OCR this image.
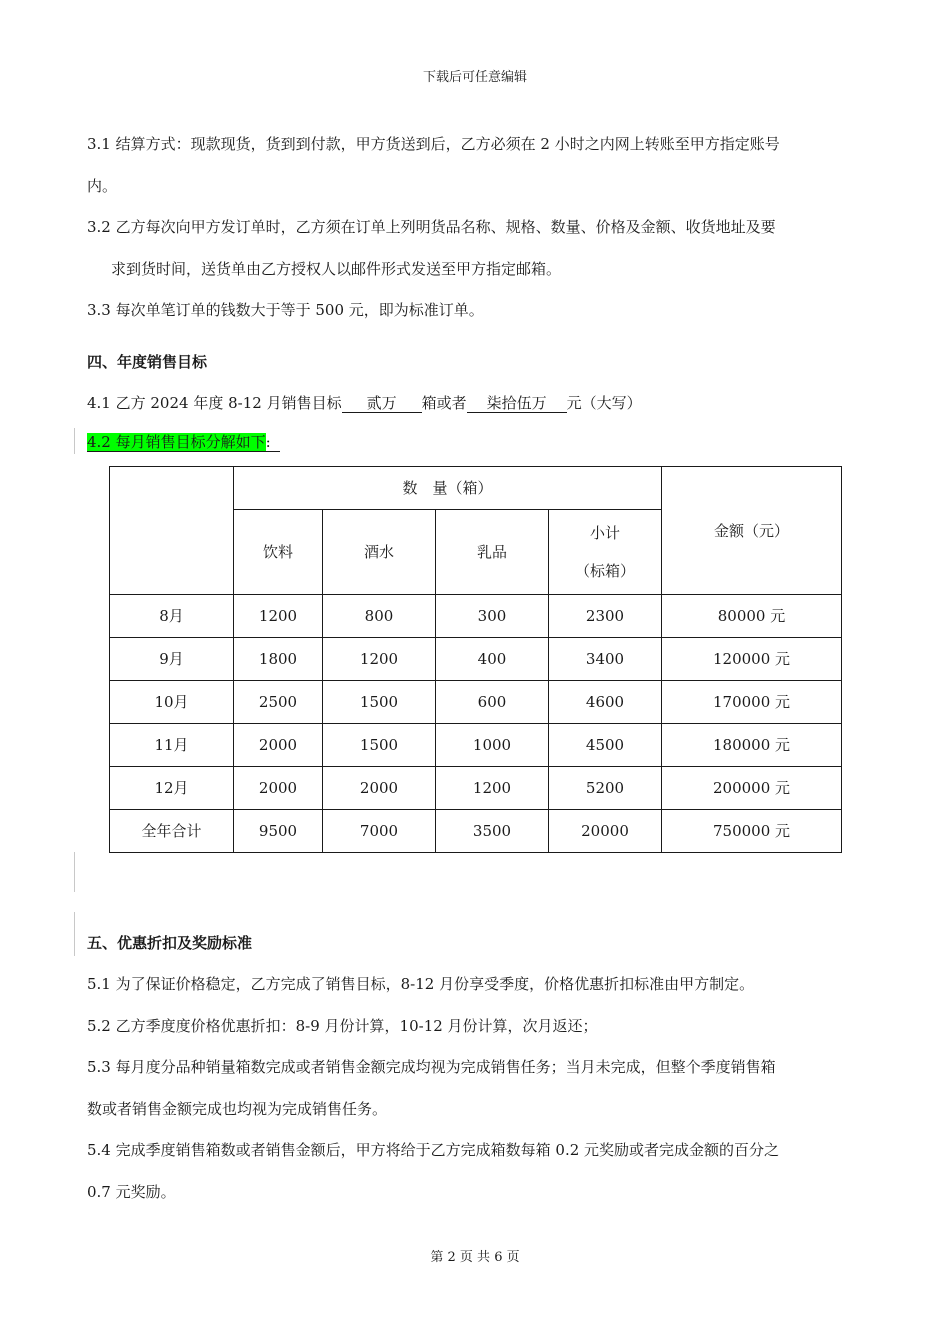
下载后可任意编辑
3.1 结算方式：现款现货，货到到付款，甲方货送到后，乙方必须在 2 小时之内网上转账至甲方指定账号
内。
3.2 乙方每次向甲方发订单时，乙方须在订单上列明货品名称、规格、数量、价格及金额、收货地址及要
求到货时间，送货单由乙方授权人以邮件形式发送至甲方指定邮箱。
3.3 每次单笔订单的钱数大于等于 500 元，即为标准订单。
四、年度销售目标
4.1 乙方 2024 年度 8-12 月销售目标 贰万 箱或者 柒拾伍万 元（大写）
4.2 每月销售目标分解如下:
	数　量（箱）				金额（元）
	饮料	酒水	乳品	小计
（标箱）	

8月	1200	800	300	2300	80000 元
9月	1800	1200	400	3400	120000 元
10月	2500	1500	600	4600	170000 元
11月	2000	1500	1000	4500	180000 元
12月	2000	2000	1200	5200	200000 元
全年合计	9500	7000	3500	20000	750000 元
五、优惠折扣及奖励标准
5.1 为了保证价格稳定，乙方完成了销售目标，8-12 月份享受季度，价格优惠折扣标准由甲方制定。
5.2 乙方季度度价格优惠折扣：8-9 月份计算，10-12 月份计算，次月返还；
5.3 每月度分品种销量箱数完成或者销售金额完成均视为完成销售任务；当月未完成，但整个季度销售箱
数或者销售金额完成也均视为完成销售任务。
5.4 完成季度销售箱数或者销售金额后，甲方将给于乙方完成箱数每箱 0.2 元奖励或者完成金额的百分之
0.7 元奖励。
第 2 页 共 6 页
